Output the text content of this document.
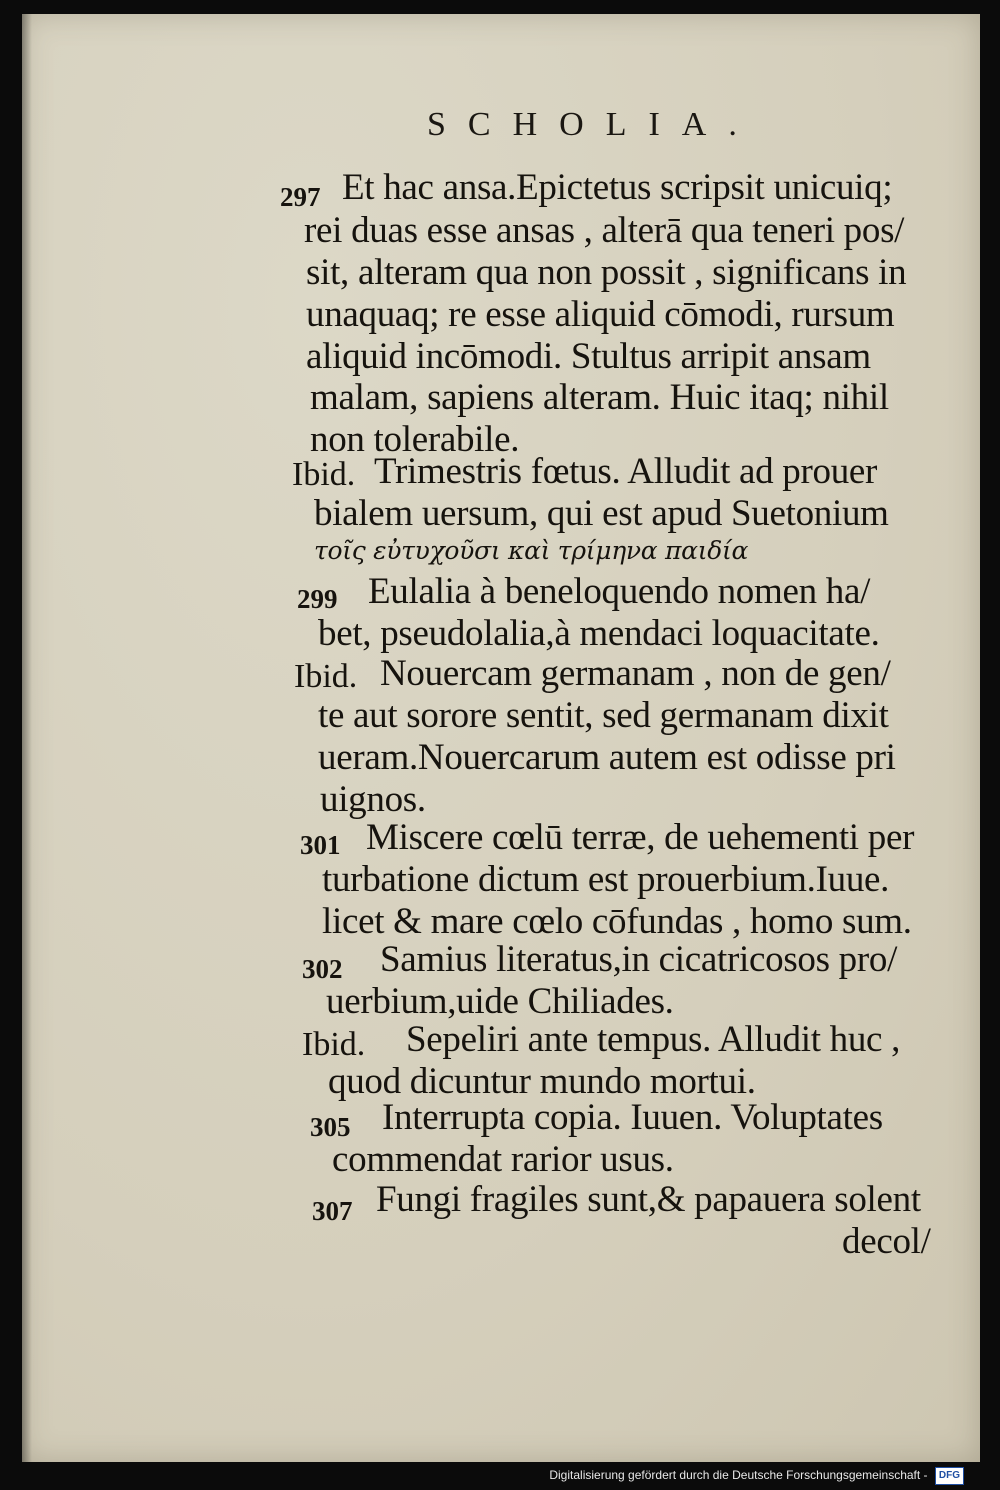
SCHOLIA.
297 Et hac ansa.Epictetus scripsit unicuiq;
rei duas esse ansas , alterā qua teneri pos/
sit, alteram qua non possit , significans in
unaquaq; re esse aliquid cōmodi, rursum
aliquid incōmodi. Stultus arripit ansam
malam, sapiens alteram. Huic itaq; nihil
non tolerabile.
Ibid. Trimestris fœtus. Alludit ad prouer
bialem uersum, qui est apud Suetonium
τοῖς εὐτυχοῦσι καὶ τρίμηνα παιδία
299 Eulalia à beneloquendo nomen ha/
bet, pseudolalia,à mendaci loquacitate.
Ibid. Nouercam germanam , non de gen/
te aut sorore sentit, sed germanam dixit
ueram.Nouercarum autem est odisse pri
uignos.
301 Miscere cœlū terræ, de uehementi per
turbatione dictum est prouerbium.Iuue.
licet & mare cœlo cōfundas , homo sum.
302 Samius literatus,in cicatricosos pro/
uerbium,uide Chiliades.
Ibid. Sepeliri ante tempus. Alludit huc ,
quod dicuntur mundo mortui.
305 Interrupta copia. Iuuen. Voluptates
commendat rarior usus.
307 Fungi fragiles sunt,& papauera solent
decol/
Digitalisierung gefördert durch die Deutsche Forschungsgemeinschaft - DFG
